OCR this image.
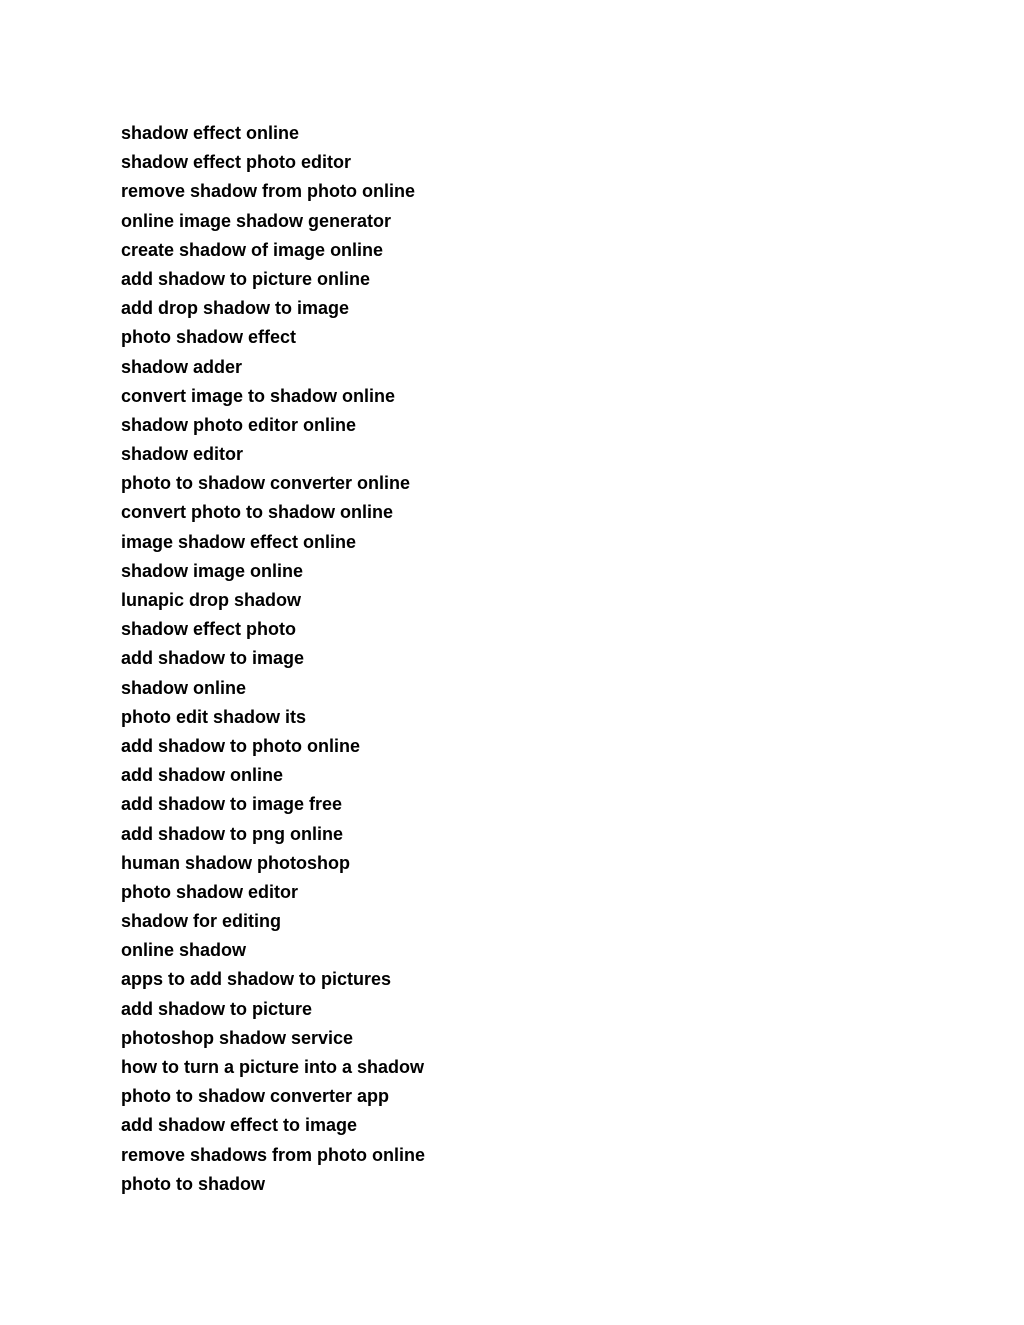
shadow effect online
shadow effect photo editor
remove shadow from photo online
online image shadow generator
create shadow of image online
add shadow to picture online
add drop shadow to image
photo shadow effect
shadow adder
convert image to shadow online
shadow photo editor online
shadow editor
photo to shadow converter online
convert photo to shadow online
image shadow effect online
shadow image online
lunapic drop shadow
shadow effect photo
add shadow to image
shadow online
photo edit shadow its
add shadow to photo online
add shadow online
add shadow to image free
add shadow to png online
human shadow photoshop
photo shadow editor
shadow for editing
online shadow
apps to add shadow to pictures
add shadow to picture
photoshop shadow service
how to turn a picture into a shadow
photo to shadow converter app
add shadow effect to image
remove shadows from photo online
photo to shadow
